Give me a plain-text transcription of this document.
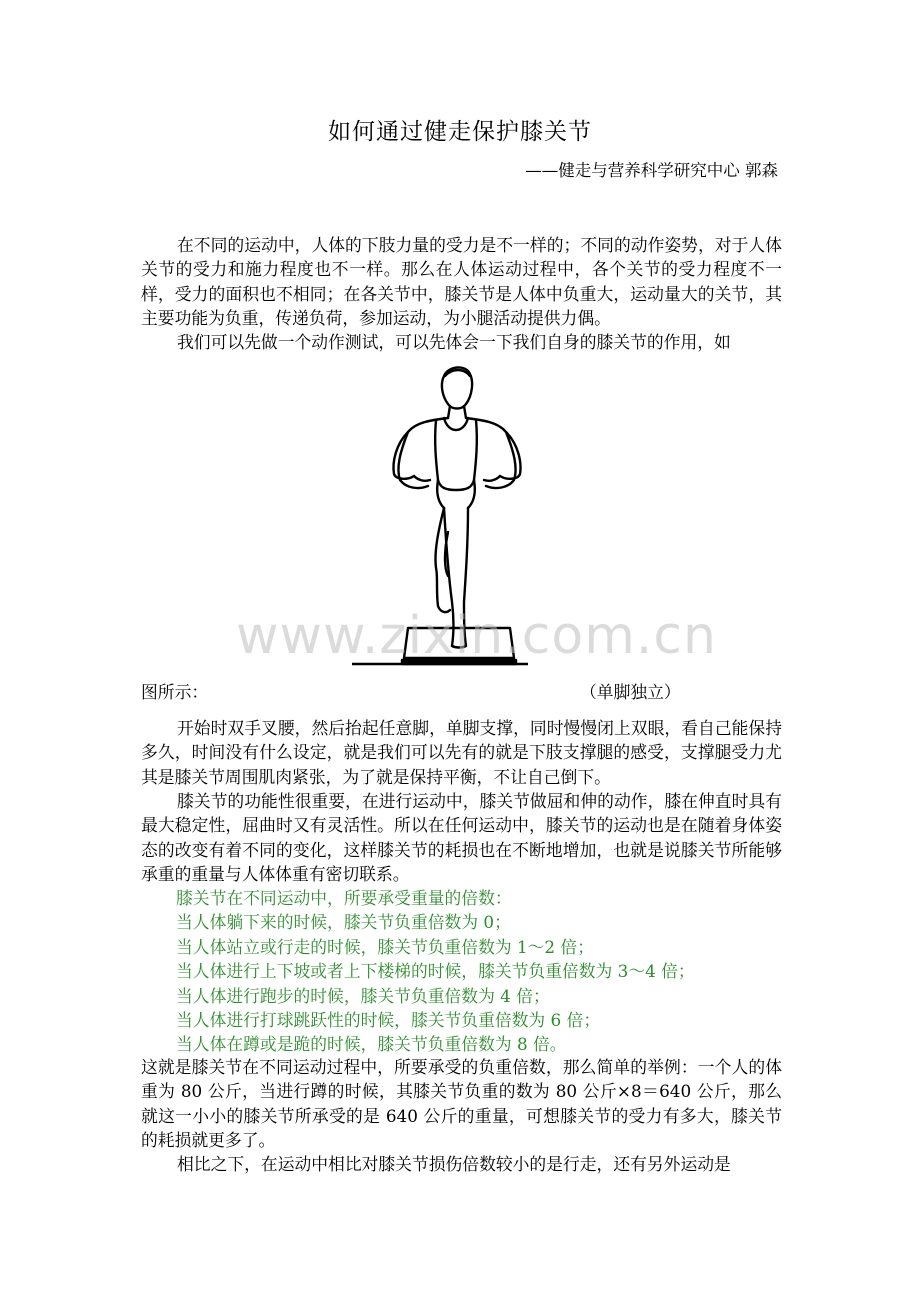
如何通过健走保护膝关节
——健走与营养科学研究中心 郭森

在不同的运动中，人体的下肢力量的受力是不一样的；不同的动作姿势，对于人体关节的受力和施力程度也不一样。那么在人体运动过程中，各个关节的受力程度不一样，受力的面积也不相同；在各关节中，膝关节是人体中负重大，运动量大的关节，其主要功能为负重，传递负荷，参加运动，为小腿活动提供力偶。

我们可以先做一个动作测试，可以先体会一下我们自身的膝关节的作用，如

www.zixin.com.cn
图所示：	（单脚独立）

开始时双手叉腰，然后抬起任意脚，单脚支撑，同时慢慢闭上双眼，看自己能保持多久，时间没有什么设定，就是我们可以先有的就是下肢支撑腿的感受，支撑腿受力尤其是膝关节周围肌肉紧张，为了就是保持平衡，不让自己倒下。

膝关节的功能性很重要，在进行运动中，膝关节做屈和伸的动作，膝在伸直时具有最大稳定性，屈曲时又有灵活性。所以在任何运动中，膝关节的运动也是在随着身体姿态的改变有着不同的变化，这样膝关节的耗损也在不断地增加，也就是说膝关节所能够承重的重量与人体体重有密切联系。

膝关节在不同运动中，所要承受重量的倍数：
当人体躺下来的时候，膝关节负重倍数为 0；
当人体站立或行走的时候，膝关节负重倍数为 1～2 倍；
当人体进行上下坡或者上下楼梯的时候，膝关节负重倍数为 3～4 倍；
当人体进行跑步的时候，膝关节负重倍数为 4 倍；
当人体进行打球跳跃性的时候，膝关节负重倍数为 6 倍；
当人体在蹲或是跪的时候，膝关节负重倍数为 8 倍。

这就是膝关节在不同运动过程中，所要承受的负重倍数，那么简单的举例：一个人的体重为 80 公斤，当进行蹲的时候，其膝关节负重的数为 80 公斤×8＝640 公斤，那么就这一小小的膝关节所承受的是 640 公斤的重量，可想膝关节的受力有多大，膝关节的耗损就更多了。

相比之下，在运动中相比对膝关节损伤倍数较小的是行走，还有另外运动是
